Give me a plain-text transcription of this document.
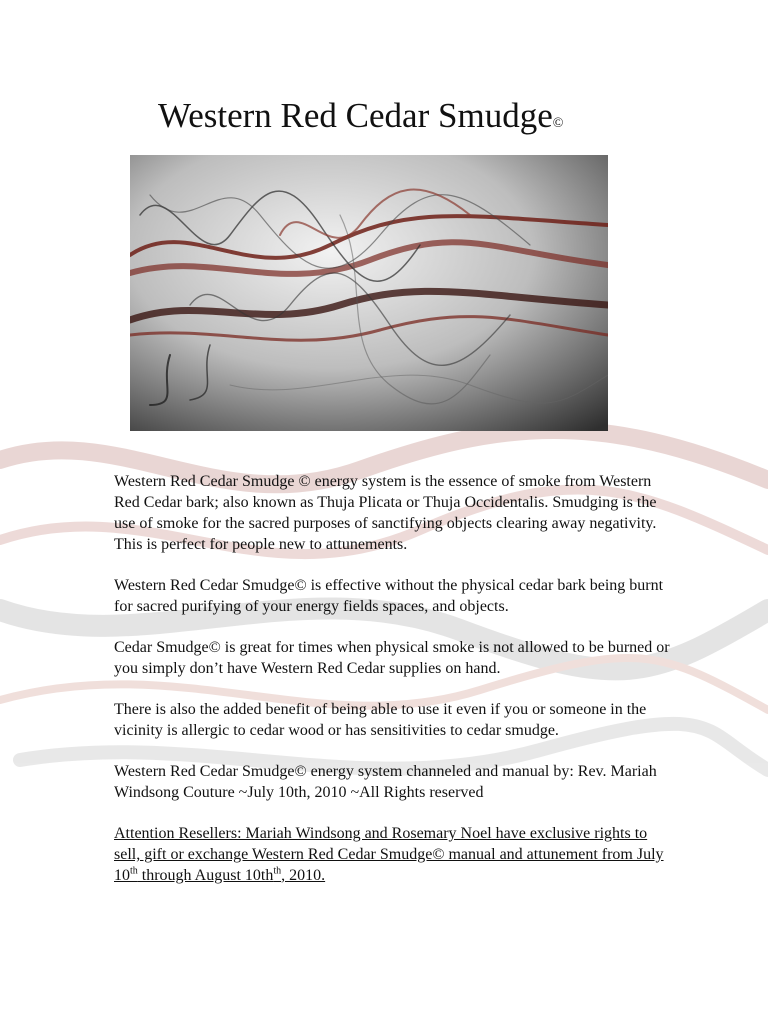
Western Red Cedar Smudge©

Western Red Cedar Smudge © energy system is the essence of smoke from Western Red Cedar bark; also known as Thuja Plicata or Thuja Occidentalis. Smudging is the use of smoke for the sacred purposes of sanctifying objects clearing away negativity. This is perfect for people new to attunements.

Western Red Cedar Smudge© is effective without the physical cedar bark being burnt for sacred purifying of your energy fields spaces, and objects.

Cedar Smudge© is great for times when physical smoke is not allowed to be burned or you simply don’t have Western Red Cedar supplies on hand.

There is also the added benefit of being able to use it even if you or someone in the vicinity is allergic to cedar wood or has sensitivities to cedar smudge.

Western Red Cedar Smudge© energy system channeled and manual by: Rev. Mariah Windsong Couture ~July 10th, 2010 ~All Rights reserved

Attention Resellers: Mariah Windsong and Rosemary Noel have exclusive rights to sell, gift or exchange Western Red Cedar Smudge© manual and attunement from July 10th through August $10th^{th}$, 2010.
